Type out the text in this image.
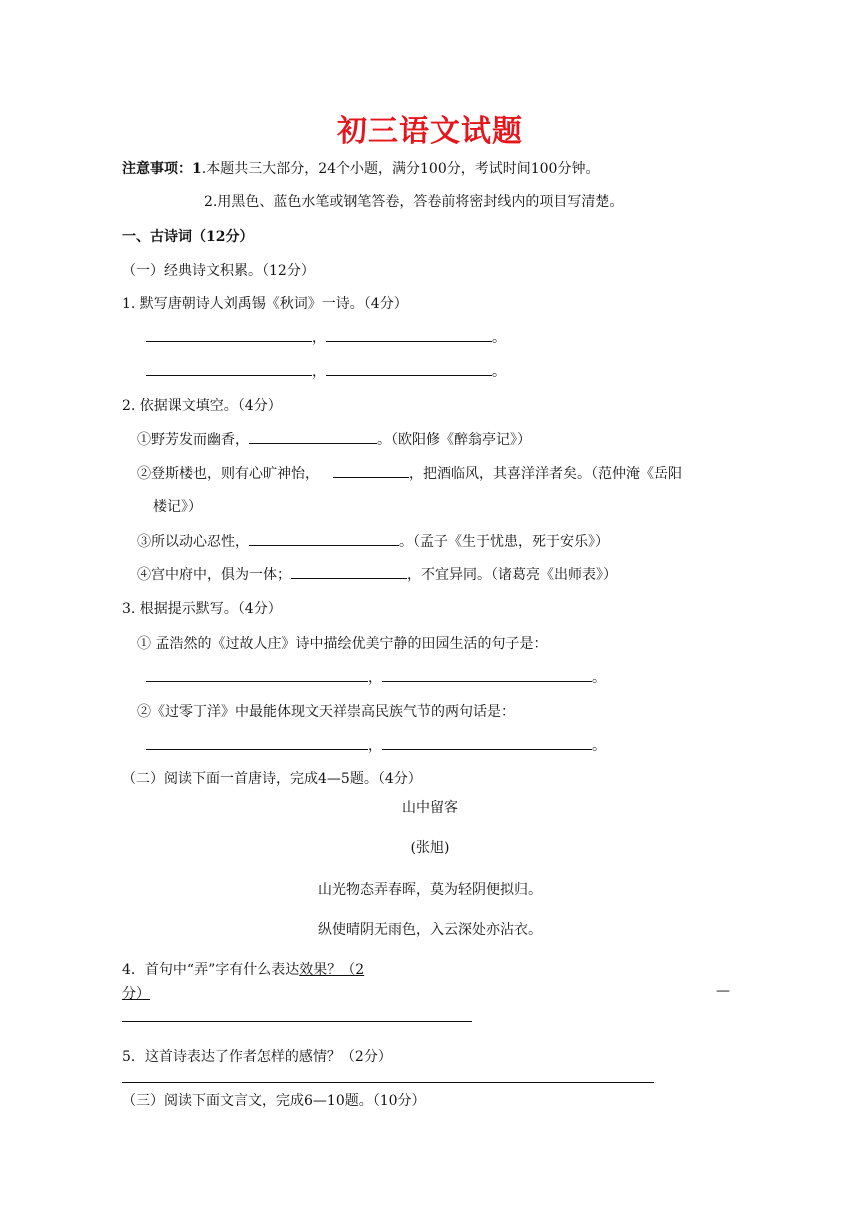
初三语文试题
注意事项：1.本题共三大部分，24个小题，满分100分，考试时间100分钟。
2.用黑色、蓝色水笔或钢笔答卷，答卷前将密封线内的项目写清楚。
一、古诗词（12分）
（一）经典诗文积累。（12分）
1. 默写唐朝诗人刘禹锡《秋词》一诗。（4分）
，	。
，	。
2. 依据课文填空。（4分）
①野芳发而幽香，	。（欧阳修《醉翁亭记》）
②登斯楼也，则有心旷神怡，	，把酒临风，其喜洋洋者矣。（范仲淹《岳阳
楼记》）
③所以动心忍性，	。（孟子《生于忧患，死于安乐》）
④宫中府中，俱为一体；	，不宜异同。（诸葛亮《出师表》）
3. 根据提示默写。（4分）
① 孟浩然的《过故人庄》诗中描绘优美宁静的田园生活的句子是：
，	。
②《过零丁洋》中最能体现文天祥崇高民族气节的两句话是：
，	。
（二）阅读下面一首唐诗，完成4—5题。（4分）
山中留客
(张旭)
山光物态弄春晖，莫为轻阴便拟归。
纵使晴阴无雨色，入云深处亦沾衣。
4．首句中“弄”字有什么表达效果？（2
分）	—
5．这首诗表达了作者怎样的感情？（2分）
（三）阅读下面文言文，完成6—10题。（10分）
